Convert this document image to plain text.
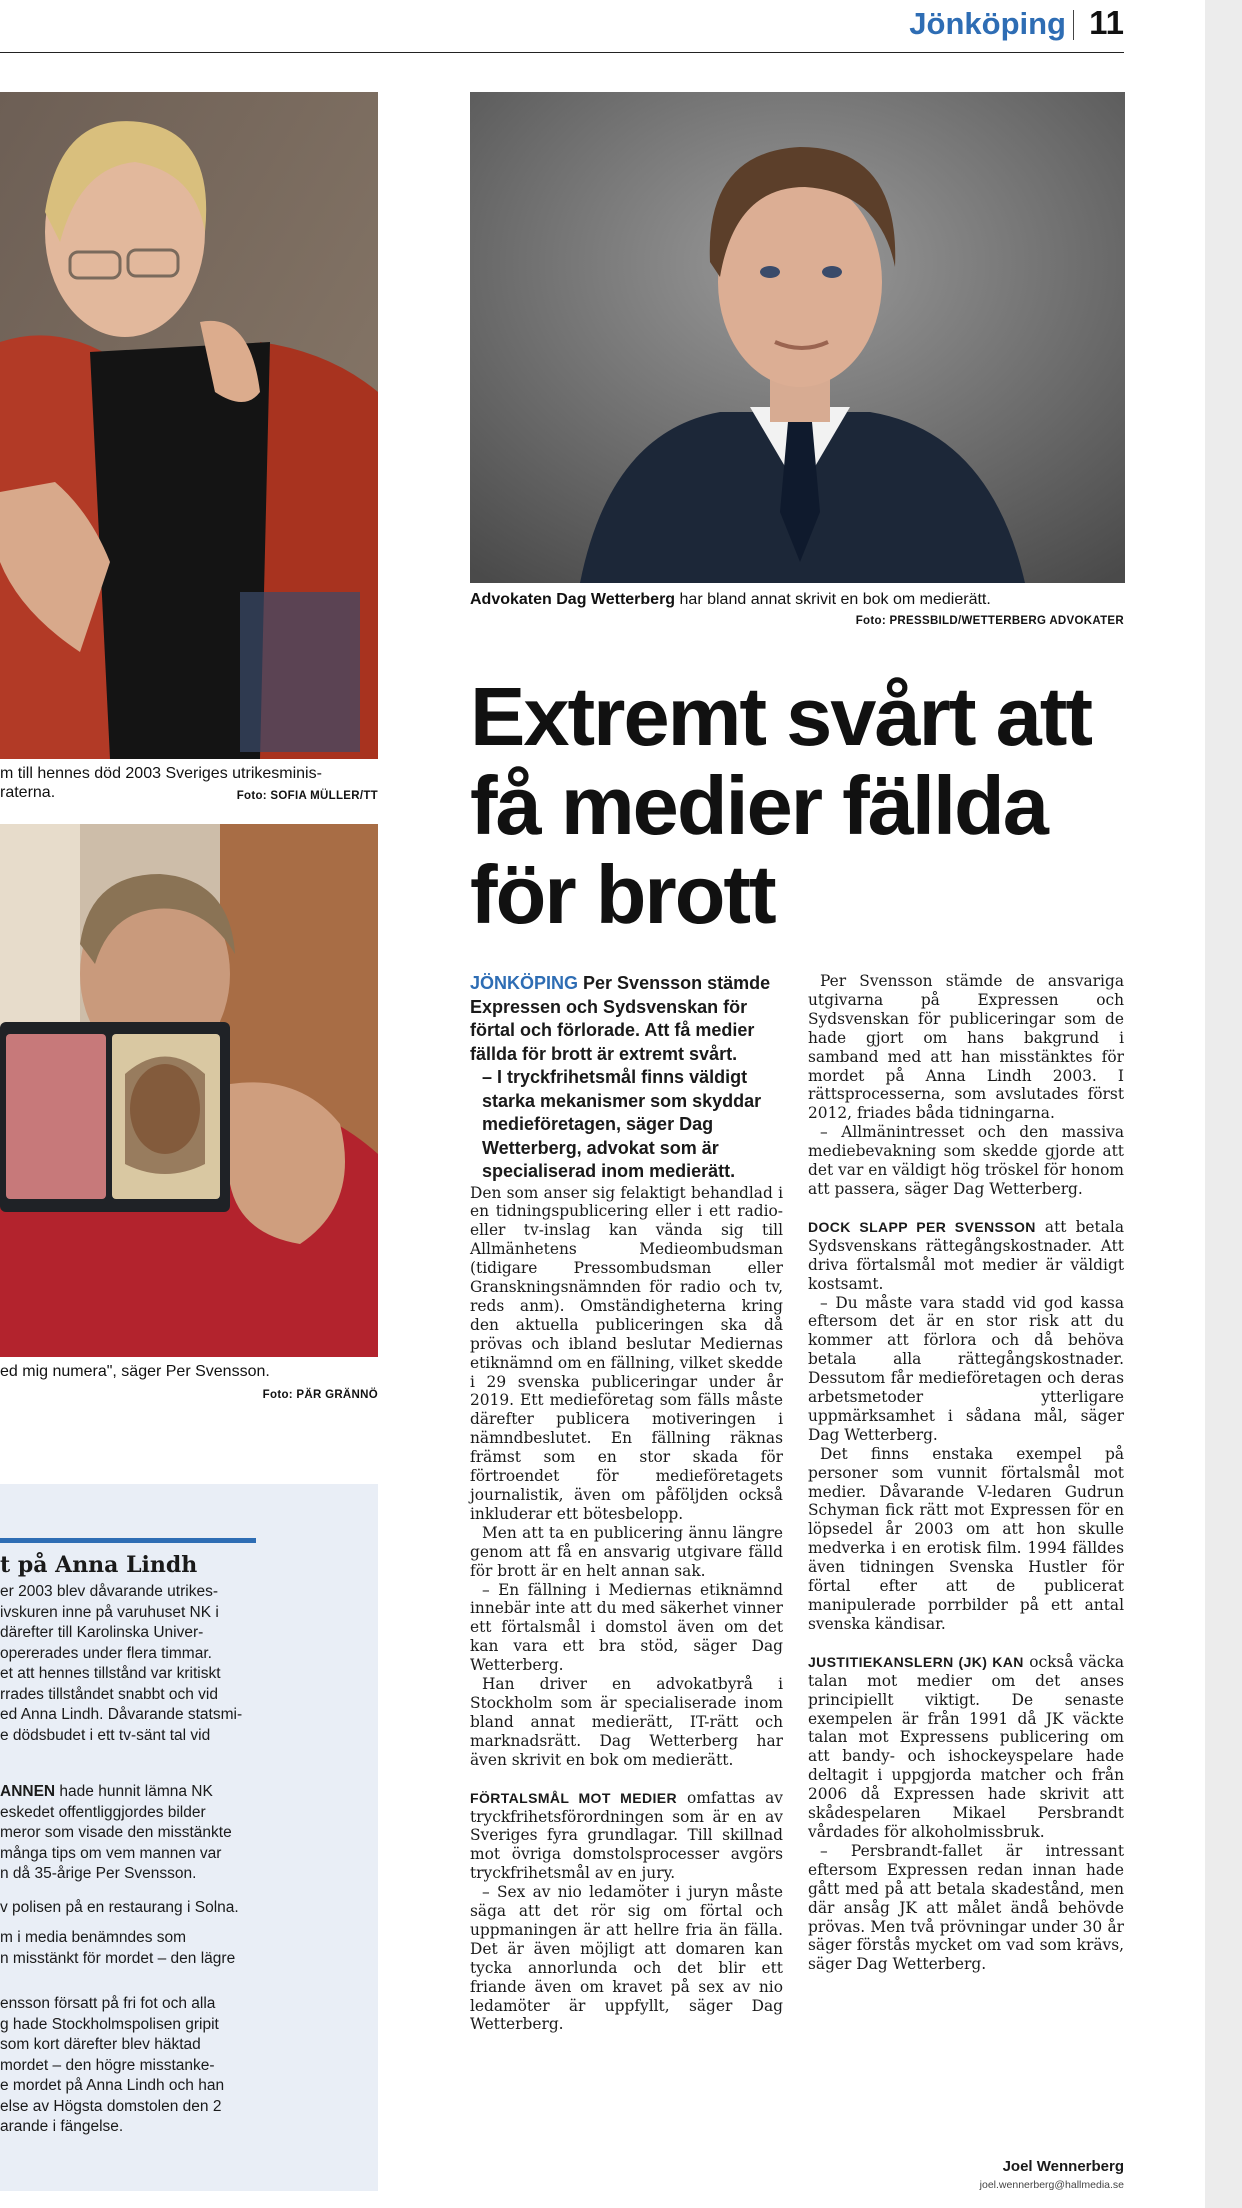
Jönköping 11
m till hennes död 2003 Sveriges utrikesminis-
raterna.	Foto: SOFIA MÜLLER/TT
ed mig numera", säger Per Svensson.
Foto: PÄR GRÄNNÖ
Advokaten Dag Wetterberg har bland annat skrivit en bok om medierätt.
Foto: PRESSBILD/WETTERBERG ADVOKATER
Extremt svårt att få medier fällda för brott

JÖNKÖPING Per Svensson stämde Expressen och Sydsvenskan för förtal och förlorade. Att få medier fällda för brott är extremt svårt.

– I tryckfrihetsmål finns väldigt starka mekanismer som skyddar medieföretagen, säger Dag Wetterberg, advokat som är specialiserad inom medierätt.

Den som anser sig felaktigt behandlad i en tidningspublicering eller i ett radio- eller tv-inslag kan vända sig till Allmänhetens Medieombudsman (tidigare Pressombudsman eller Granskningsnämnden för radio och tv, reds anm). Omständigheterna kring den aktuella publiceringen ska då prövas och ibland beslutar Mediernas etiknämnd om en fällning, vilket skedde i 29 svenska publiceringar under år 2019. Ett medieföretag som fälls måste därefter publicera motiveringen i nämndbeslutet. En fällning räknas främst som en stor skada för förtroendet för medieföretagets journalistik, även om påföljden också inkluderar ett bötesbelopp.

Men att ta en publicering ännu längre genom att få en ansvarig utgivare fälld för brott är en helt annan sak.

– En fällning i Mediernas etiknämnd innebär inte att du med säkerhet vinner ett förtalsmål i domstol även om det kan vara ett bra stöd, säger Dag Wetterberg.

Han driver en advokatbyrå i Stockholm som är specialiserade inom bland annat medierätt, IT-rätt och marknadsrätt. Dag Wetterberg har även skrivit en bok om medierätt.

FÖRTALSMÅL MOT MEDIER omfattas av tryckfrihetsförordningen som är en av Sveriges fyra grundlagar. Till skillnad mot övriga domstolsprocesser avgörs tryckfrihetsmål av en jury.

– Sex av nio ledamöter i juryn måste säga att det rör sig om förtal och uppmaningen är att hellre fria än fälla. Det är även möjligt att domaren kan tycka annorlunda och det blir ett friande även om kravet på sex av nio ledamöter är uppfyllt, säger Dag Wetterberg.

Per Svensson stämde de ansvariga utgivarna på Expressen och Sydsvenskan för publiceringar som de hade gjort om hans bakgrund i samband med att han misstänktes för mordet på Anna Lindh 2003. I rättsprocesserna, som avslutades först 2012, friades båda tidningarna.

– Allmänintresset och den massiva mediebevakning som skedde gjorde att det var en väldigt hög tröskel för honom att passera, säger Dag Wetterberg.

DOCK SLAPP PER SVENSSON att betala Sydsvenskans rättegångskostnader. Att driva förtalsmål mot medier är väldigt kostsamt.

– Du måste vara stadd vid god kassa eftersom det är en stor risk att du kommer att förlora och då behöva betala alla rättegångskostnader. Dessutom får medieföretagen och deras arbetsmetoder ytterligare uppmärksamhet i sådana mål, säger Dag Wetterberg.

Det finns enstaka exempel på personer som vunnit förtalsmål mot medier. Dåvarande V-ledaren Gudrun Schyman fick rätt mot Expressen för en löpsedel år 2003 om att hon skulle medverka i en erotisk film. 1994 fälldes även tidningen Svenska Hustler för förtal efter att de publicerat manipulerade porrbilder på ett antal svenska kändisar.

JUSTITIEKANSLERN (JK) KAN också väcka talan mot medier om det anses principiellt viktigt. De senaste exempelen är från 1991 då JK väckte talan mot Expressens publicering om att bandy- och ishockeyspelare hade deltagit i uppgjorda matcher och från 2006 då Expressen hade skrivit att skådespelaren Mikael Persbrandt vårdades för alkoholmissbruk.

– Persbrandt-fallet är intressant eftersom Expressen redan innan hade gått med på att betala skadestånd, men där ansåg JK att målet ändå behövde prövas. Men två prövningar under 30 år säger förstås mycket om vad som krävs, säger Dag Wetterberg.

Joel Wennerberg
joel.wennerberg@hallmedia.se
t på Anna Lindh
er 2003 blev dåvarande utrikes-
ivskuren inne på varuhuset NK i
därefter till Karolinska Univer-
opererades under flera timmar.
et att hennes tillstånd var kritiskt
rrades tillståndet snabbt och vid
ed Anna Lindh. Dåvarande statsmi-
e dödsbudet i ett tv-sänt tal vid
ANNEN hade hunnit lämna NK
eskedet offentliggjordes bilder
meror som visade den misstänkte
många tips om vem mannen var
n då 35-årige Per Svensson.
v polisen på en restaurang i Solna.
m i media benämndes som
n misstänkt för mordet – den lägre
ensson försatt på fri fot och alla
g hade Stockholmspolisen gripit
som kort därefter blev häktad
mordet – den högre misstanke-
e mordet på Anna Lindh och han
else av Högsta domstolen den 2
arande i fängelse.
